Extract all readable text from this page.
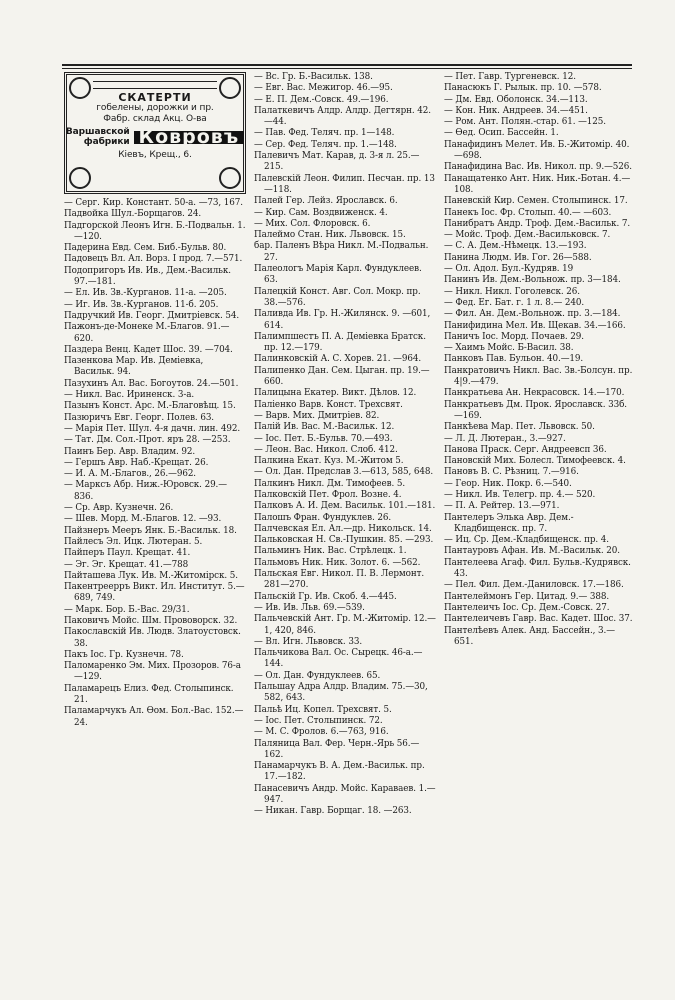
СКАТЕРТИ
гобелены, дорожки и пр.
Фабр. склад Акц. О-ва
Варшавской
фабрики Ковровъ
Кіевъ, Крещ., 6.
— Серг. Кир. Констант. 50-а. —73, 167.
Падвойка Шул.-Борщагов. 24.
Падгорской Леонъ Игн. Б.-Подвальн. 1.—120.
Падерина Евд. Сем. Биб.-Бульв. 80.
Падовецъ Вл. Ал. Ворз. I прод. 7.—571.
Подопригоръ Ив. Ив., Дем.-Васильк. 97.—181.
— Ел. Ив. Зв.-Курганов. 11-а. —205.
— Иг. Ив. Зв.-Курганов. 11-б. 205.
Падручкий Ив. Георг. Дмитріевск. 54.
Пажонъ-де-Монеке М.-Благов. 91.—620.
Паздера Венц. Кадет Шос. 39. —704.
Пазенкова Мар. Ив. Деміевка, Васильк. 94.
Пазухинъ Ал. Вас. Богоутов. 24.—501.
— Никл. Вас. Ириненск. 3-а.
Пазынъ Конст. Арс. М.-Благовѣщ. 15.
Пазюричъ Евг. Георг. Полев. 63.
— Марія Пет. Шул. 4-я дачн. лин. 492.
— Тат. Дм. Сол.-Прот. яръ 28. —253.
Паинъ Бер. Авр. Владим. 92.
— Гершъ Авр. Наб.-Крещат. 26.
— И. А. М.-Благов., 26.—962.
— Марксъ Абр. Ниж.-Юровск. 29.—836.
— Ср. Авр. Кузнечн. 26.
— Шев. Морд. М.-Благов. 12. —93.
Пайзнеръ Мееръ Янк. Б.-Васильк. 18.
Пайлесъ Эл. Ицк. Лютеран. 5.
Пайперъ Паул. Крещат. 41.
— Эг. Эг. Крещат. 41.—788
Пайташева Лук. Ив. М.-Житомірск. 5.
Пакентреерръ Викт. Ил. Институт. 5.—689, 749.
— Марк. Бор. Б.-Вас. 29/31.
Паковичъ Мойс. Шм. Прововорск. 32.
Пакославскій Ив. Людв. Златоустовск. 38.
Пакъ Іос. Гр. Кузнечн. 78.
Паломаренко Эм. Мих. Прозоров. 76-а —129.
Паламарецъ Елиз. Фед. Столыпинск. 21.
Паламарчукъ Ал. Өом. Бол.-Вас. 152.—24.
— Вс. Гр. Б.-Васильк. 138.
— Евг. Вас. Межигор. 46.—95.
— Е. П. Дем.-Совск. 49.—196.
Палаткевичъ Алдр. Алдр. Дегтярн. 42.—44.
— Пав. Фед. Теляч. пр. 1—148.
— Сер. Фед. Теляч. пр. 1.—148.
Палевичъ Мат. Карав, д. 3-я л. 25.—215.
Палевскій Леон. Филип. Песчан. пр. 13—118.
Палей Гер. Лейз. Ярославск. 6.
— Кир. Сам. Воздвиженск. 4.
— Мих. Сол. Флоровск. 6.
Палеймо Стан. Ник. Львовск. 15.
бар. Паленъ Вѣра Никл. М.-Подвальн. 27.
Палеологъ Марія Карл. Фундуклеев. 63.
Палецкій Конст. Авг. Сол. Мокр. пр. 38.—576.
Паливда Ив. Гр. Н.-Жилянск. 9. —601, 614.
Палимпшестъ П. А. Деміевка Братск. пр. 12.—179.
Палинковскій А. С. Хорев. 21. —964.
Палипенко Дан. Сем. Цыган. пр. 19.—660.
Палицына Екатер. Викт. Дѣлов. 12.
Паліенко Варв. Конст. Трехсвят.
— Варв. Мих. Дмитріев. 82.
Палій Ив. Вас. М.-Васильк. 12.
— Іос. Пет. Б.-Бульв. 70.—493.
— Леон. Вас. Никол. Слоб. 412.
Палкина Екат. Куз. М.-Житом 5.
— Ол. Дан. Предслав 3.—613, 585, 648.
Палкинъ Никл. Дм. Тимофеев. 5.
Палковскій Пет. Фрол. Возне. 4.
Палковъ А. И. Дем. Васильк. 101.—181.
Палошъ Фран. Фундуклев. 26.
Палчевская Ел. Ал.—др. Никольск. 14.
Пальковская Н. Св.-Пушкин. 85. —293.
Пальминъ Ник. Вас. Стрѣлецк. 1.
Пальмовъ Ник. Ник. Золот. 6. —562.
Пальская Евг. Никол. П. В. Лермонт. 281—270.
Пальскій Гр. Ив. Скоб. 4.—445.
— Ив. Ив. Льв. 69.—539.
Пальчевскій Ант. Гр. М.-Житомір. 12.—1, 420, 846.
— Вл. Игн. Львовск. 33.
Пальчикова Вал. Ос. Сырецк. 46-а.—144.
— Ол. Дан. Фундуклеев. 65.
Пальшау Адра Алдр. Владим. 75.—30, 582, 643.
Пальѣ Иц. Копел. Трехсвят. 5.
— Іос. Пет. Столыпинск. 72.
— М. С. Фролов. 6.—763, 916.
Паляница Вал. Фер. Черн.-Ярь 56.—162.
Панамарчукъ В. А. Дем.-Васильк. пр. 17.—182.
Панасевичъ Андр. Мойс. Караваев. 1.—947.
— Никан. Гавр. Борщаг. 18. —263.
— Пет. Гавр. Тургеневск. 12.
Панасюкъ Г. Рылык. пр. 10. —578.
— Дм. Евд. Оболонск. 34.—113.
— Кон. Ник. Андреев. 34.—451.
— Ром. Ант. Полян.-стар. 61. —125.
— Өед. Осип. Бассейн. 1.
Панафидинъ Мелет. Ив. Б.-Житомір. 40.—698.
Панафидина Вас. Ив. Никол. пр. 9.—526.
Панащатенко Ант. Ник. Ник.-Ботан. 4.—108.
Паневскій Кир. Семен. Столыпинск. 17.
Панекъ Іос. Фр. Столып. 40.— —603.
Панибратъ Андр. Троф. Дем.-Васильк. 7.
— Мойс. Троф. Дем.-Васильковск. 7.
— С. А. Дем.-Нѣмецк. 13.—193.
Панина Людм. Ив. Гог. 26—588.
— Ол. Адол. Бул.-Кудряв. 19
Панинъ Ив. Дем.-Вольнож. пр. 3—184.
— Никл. Никл. Гоголевск. 26.
— Фед. Ег. Бат. г. 1 л. 8.— 240.
— Фил. Ан. Дем.-Вольнож. пр. 3.—184.
Панифидина Мел. Ив. Щекав. 34.—166.
Паничъ Іос. Морд. Почаев. 29.
— Хаимъ Мойс. Б-Васил. 38.
Панковъ Пав. Бульон. 40.—19.
Панкратовичъ Никл. Вас. Зв.-Болсун. пр. 4|9.—479.
Панкратьева Ан. Некрасовск. 14.—170.
Панкратьевъ Дм. Прок. Ярославск. 33б.—169.
Панкѣева Мар. Пет. Львовск. 50.
— Л. Д. Лютеран., 3.—927.
Панова Праск. Серг. Андреевсп 36.
Пановскій Мих. Болесл. Тимофеевск. 4.
Пановъ В. С. Рѣзниц. 7.—916.
— Геор. Ник. Покр. 6.—540.
— Никл. Ив. Телегр. пр. 4.— 520.
— П. А. Рейтер. 13.—971.
Пантелеръ Элька Авр. Дем.-Кладбищенск. пр. 7.
— Иц. Ср. Дем.-Кладбищенск. пр. 4.
Пантауровъ Афан. Ив. М.-Васильк. 20.
Пантелеева Агаф. Фил. Бульв.-Кудрявск. 43.
— Пел. Фил. Дем.-Даниловск. 17.—186.
Пантелеймонъ Гер. Цитад. 9.— 388.
Пантелеичъ Іос. Ср. Дем.-Совск. 27.
Пантелеичевъ Гавр. Вас. Кадет. Шос. 37.
Пантелѣевъ Алек. Анд. Бассейн., 3.—651.
